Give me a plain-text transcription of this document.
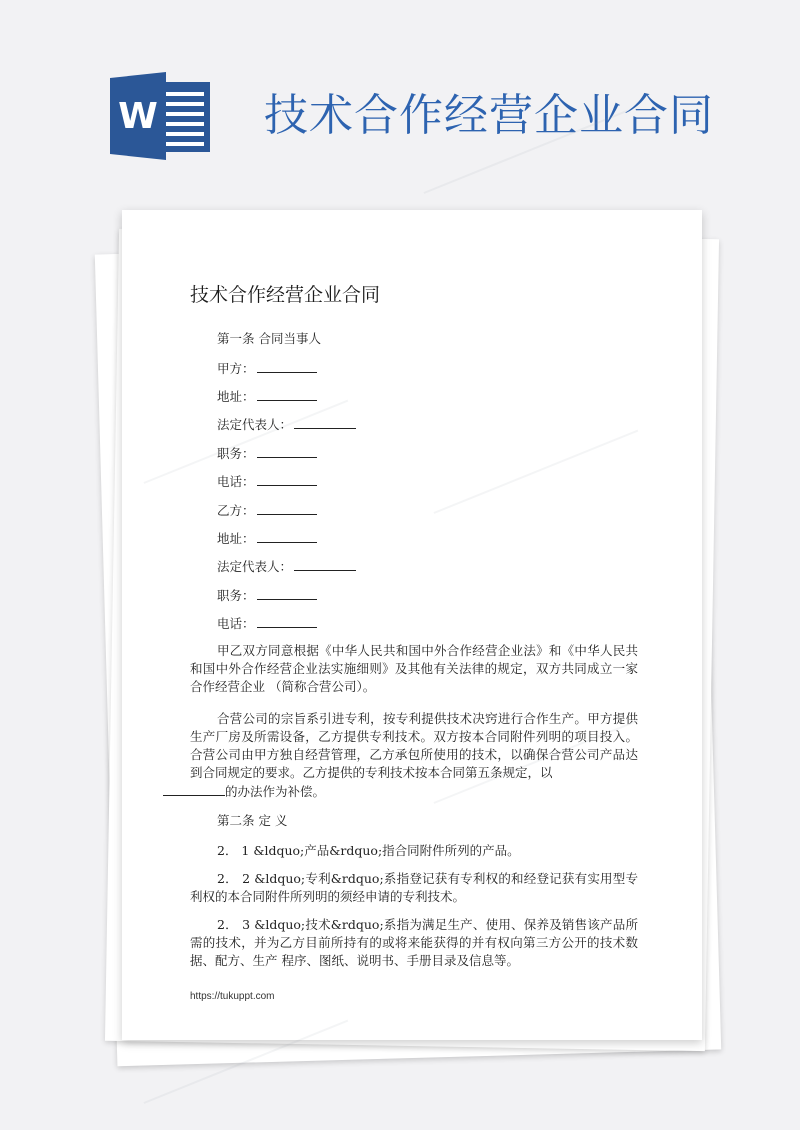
W 技术合作经营企业合同
技术合作经营企业合同
第一条 合同当事人
甲方：
地址：
法定代表人：
职务：
电话：
乙方：
地址：
法定代表人：
职务：
电话：

甲乙双方同意根据《中华人民共和国中外合作经营企业法》和《中华人民共和国中外合作经营企业法实施细则》及其他有关法律的规定，双方共同成立一家合作经营企业 （简称合营公司）。

合营公司的宗旨系引进专利，按专利提供技术决窍进行合作生产。甲方提供生产厂房及所需设备，乙方提供专利技术。双方按本合同附件列明的项目投入。合营公司由甲方独自经营管理，乙方承包所使用的技术，以确保合营公司产品达到合同规定的要求。乙方提供的专利技术按本合同第五条规定，以
的办法作为补偿。

第二条 定 义

2． 1 &ldquo;产品&rdquo;指合同附件所列的产品。

2． 2 &ldquo;专利&rdquo;系指登记获有专利权的和经登记获有实用型专利权的本合同附件所列明的须经申请的专利技术。

2． 3 &ldquo;技术&rdquo;系指为满足生产、使用、保养及销售该产品所需的技术，并为乙方目前所持有的或将来能获得的并有权向第三方公开的技术数据、配方、生产 程序、图纸、说明书、手册目录及信息等。

https://tukuppt.com
